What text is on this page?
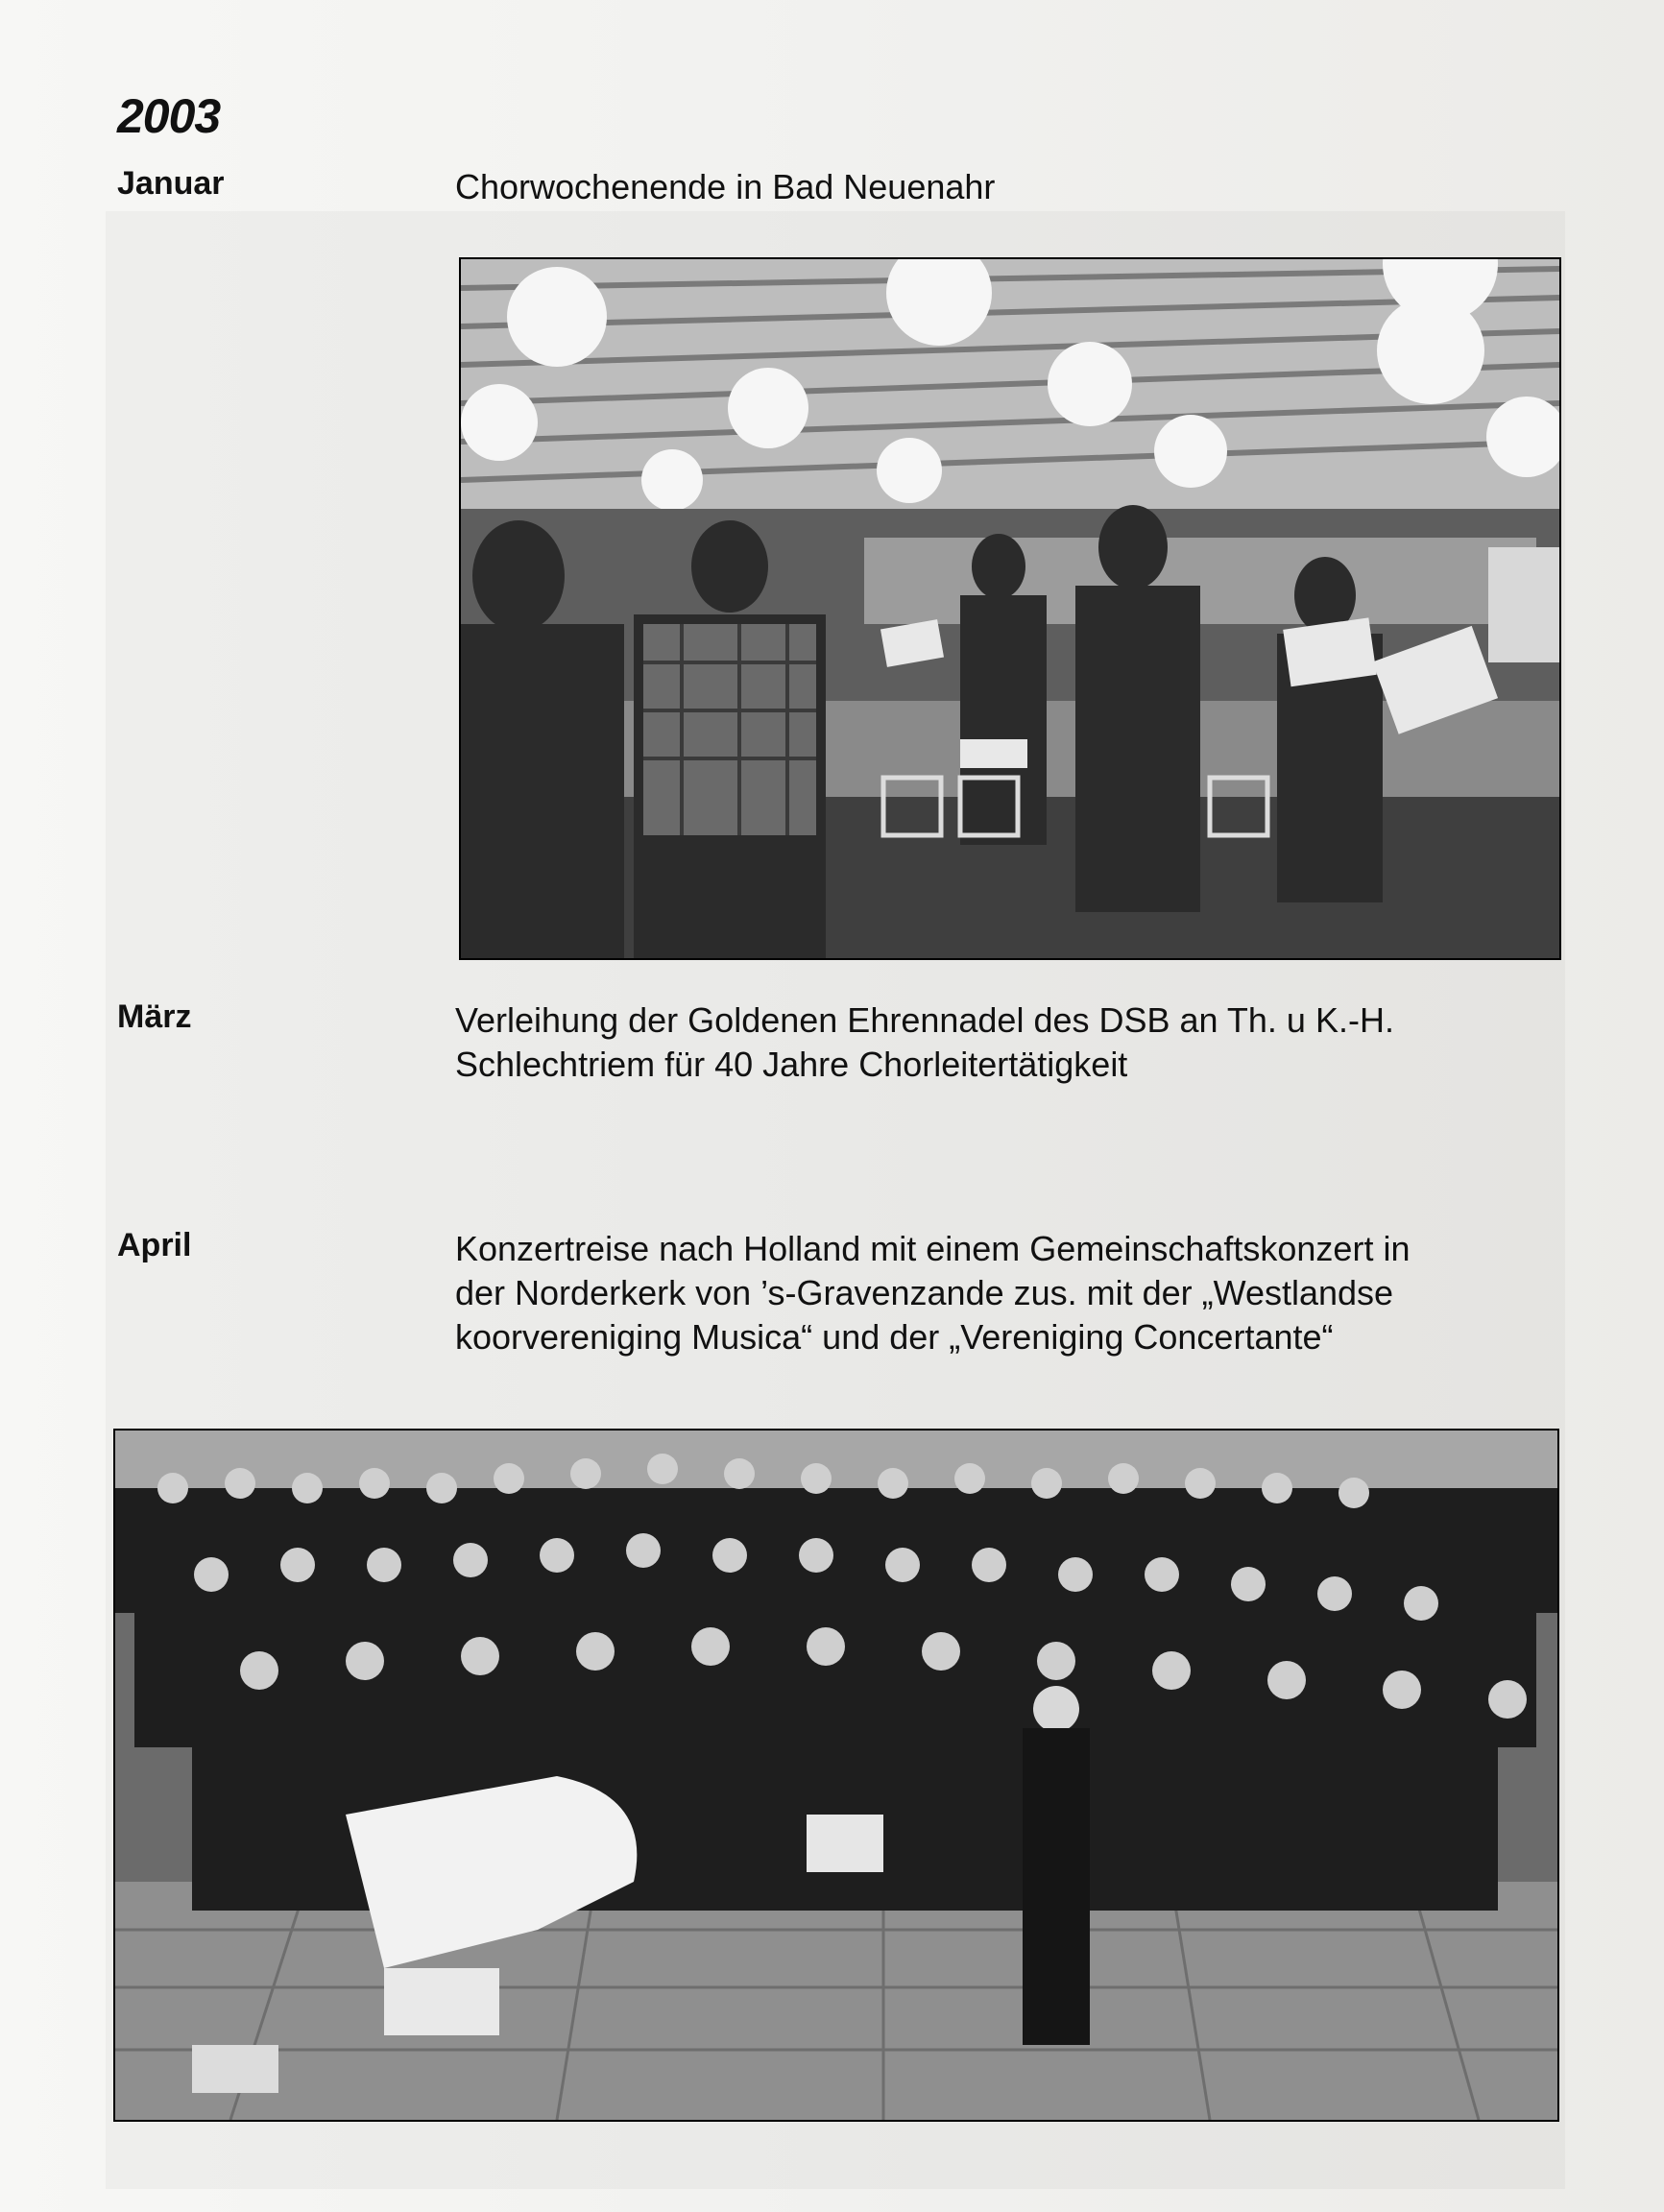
2003
Januar	Chorwochenende in Bad Neuenahr
März	Verleihung der Goldenen Ehrennadel des DSB an Th. u K.-H.
Schlechtriem für 40 Jahre Chorleitertätigkeit
April	Konzertreise nach Holland mit einem Gemeinschaftskonzert in
der Norderkerk von ’s-Gravenzande zus. mit der „Westlandse
koorvereniging Musica“ und der „Vereniging Concertante“
